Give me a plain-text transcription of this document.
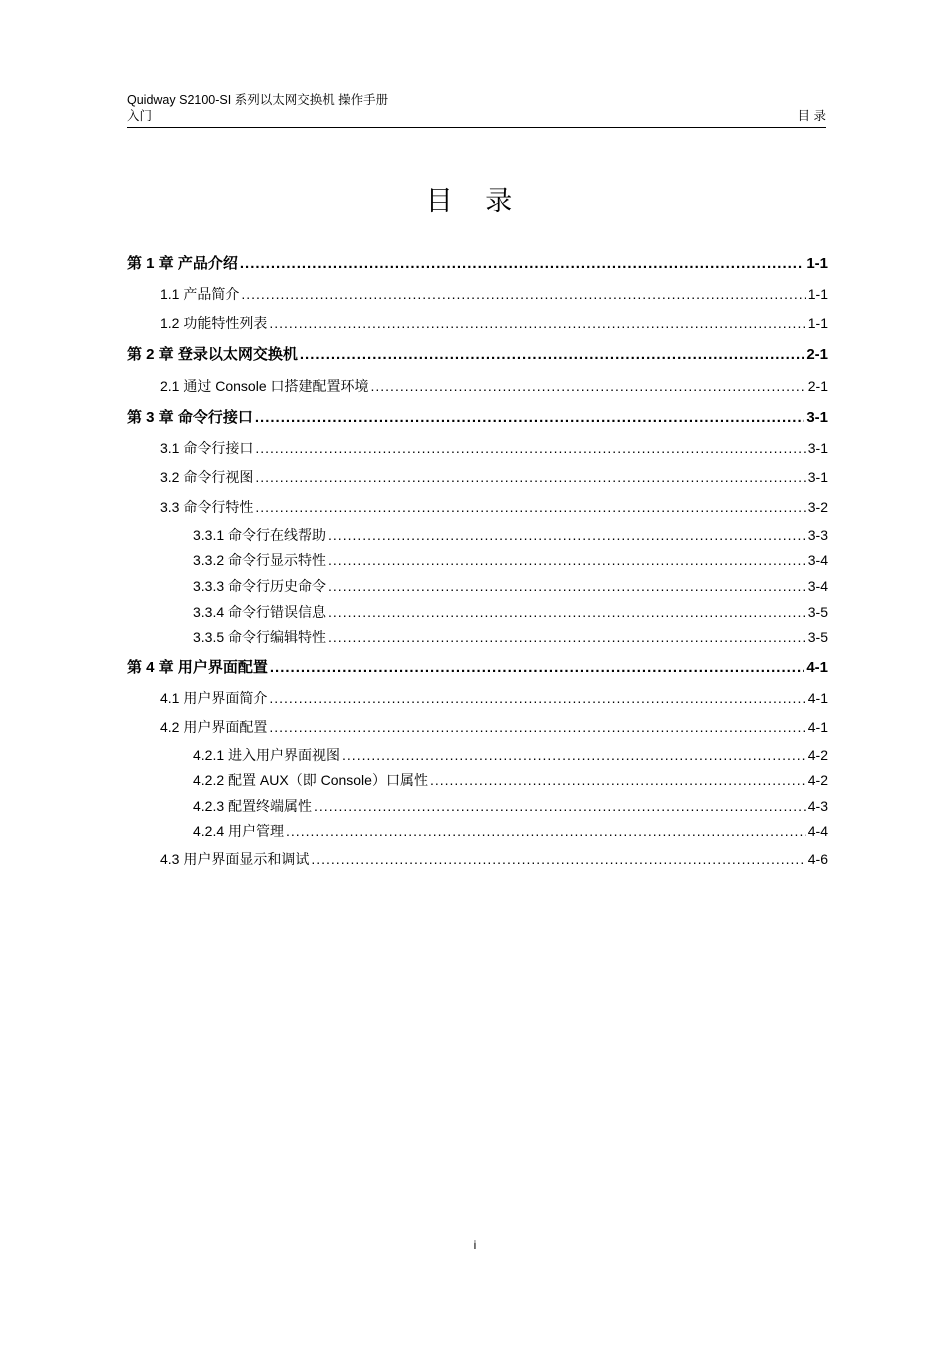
Quidway S2100-SI 系列以太网交换机 操作手册
入门	目 录
目 录
第 1 章 产品介绍 .....	1-1
1.1 产品简介 .....	1-1
1.2 功能特性列表 .....	1-1
第 2 章 登录以太网交换机 .....	2-1
2.1 通过 Console 口搭建配置环境 .....	2-1
第 3 章 命令行接口 .....	3-1
3.1 命令行接口 .....	3-1
3.2 命令行视图 .....	3-1
3.3 命令行特性 .....	3-2
3.3.1 命令行在线帮助 .....	3-3
3.3.2 命令行显示特性 .....	3-4
3.3.3 命令行历史命令 .....	3-4
3.3.4 命令行错误信息 .....	3-5
3.3.5 命令行编辑特性 .....	3-5
第 4 章 用户界面配置 .....	4-1
4.1 用户界面简介 .....	4-1
4.2 用户界面配置 .....	4-1
4.2.1 进入用户界面视图 .....	4-2
4.2.2 配置 AUX（即 Console）口属性 .....	4-2
4.2.3 配置终端属性 .....	4-3
4.2.4 用户管理 .....	4-4
4.3 用户界面显示和调试 .....	4-6
i
